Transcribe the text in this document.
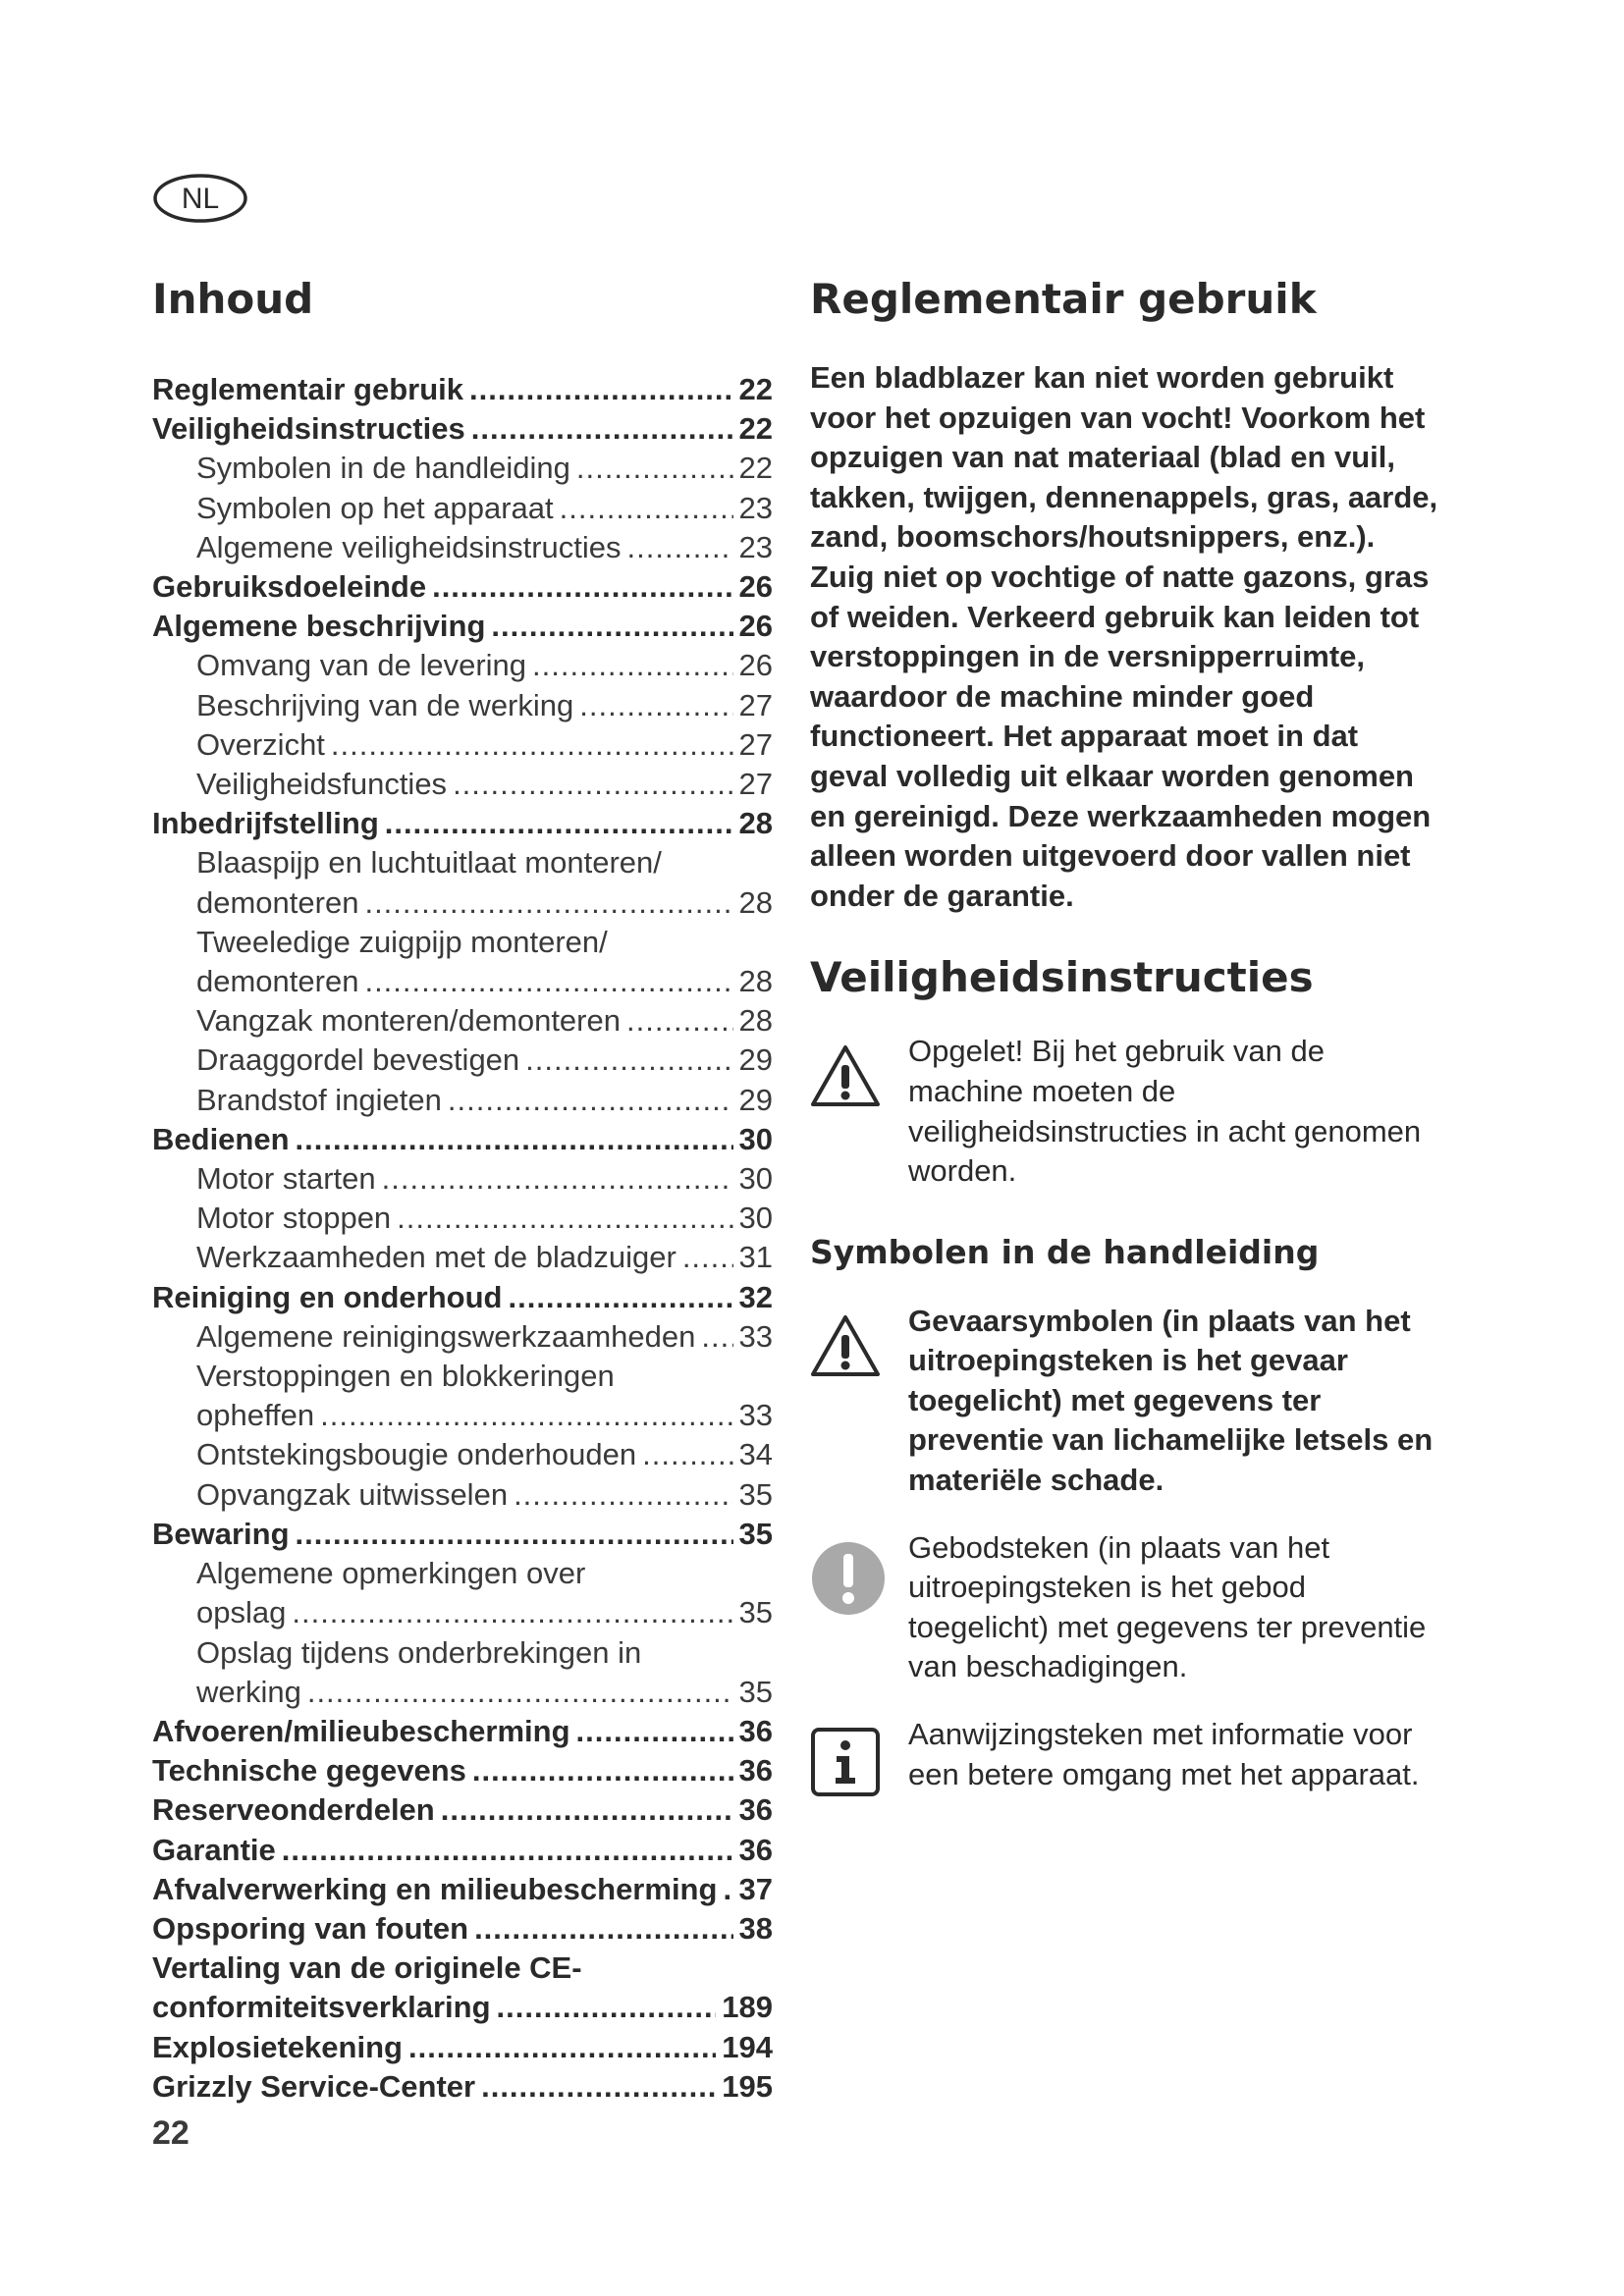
NL
Inhoud
Reglementair gebruik .....	22
Veiligheidsinstructies .....	22
Symbolen in de handleiding .....	22
Symbolen op het apparaat .....	23
Algemene veiligheidsinstructies .....	23
Gebruiksdoeleinde .....	26
Algemene beschrijving .....	26
Omvang van de levering .....	26
Beschrijving van de werking .....	27
Overzicht .....	27
Veiligheidsfuncties .....	27
Inbedrijfstelling .....	28
Blaaspijp en luchtuitlaat monteren/
demonteren .....	28
Tweeledige zuigpijp monteren/
demonteren .....	28
Vangzak monteren/demonteren .....	28
Draaggordel bevestigen .....	29
Brandstof ingieten .....	29
Bedienen .....	30
Motor starten .....	30
Motor stoppen .....	30
Werkzaamheden met de bladzuiger ..... 31
Reiniging en onderhoud .....	32
Algemene reinigingswerkzaamheden ..... 33
Verstoppingen en blokkeringen
opheffen .....	33
Ontstekingsbougie onderhouden .....	34
Opvangzak uitwisselen .....	35
Bewaring .....	35
Algemene opmerkingen over
opslag .....	35
Opslag tijdens onderbrekingen in
werking .....	35
Afvoeren/milieubescherming .....	36
Technische gegevens .....	36
Reserveonderdelen .....	36
Garantie .....	36
Afvalverwerking en milieubescherming ..... 37
Opsporing van fouten .....	38
Vertaling van de originele CE-
conformiteitsverklaring .....	189
Explosietekening .....	194
Grizzly Service-Center .....	195
22
Reglementair gebruik

Een bladblazer kan niet worden gebruikt voor het opzuigen van vocht! Voorkom het opzuigen van nat materiaal (blad en vuil, takken, twijgen, dennenappels, gras, aarde, zand, boomschors/houtsnippers, enz.). Zuig niet op vochtige of natte gazons, gras of weiden. Verkeerd gebruik kan leiden tot verstoppingen in de versnipperruimte, waardoor de machine minder goed functioneert. Het apparaat moet in dat geval volledig uit elkaar worden genomen en gereinigd. Deze werkzaamheden mogen alleen worden uitgevoerd door vallen niet onder de garantie.

Veiligheidsinstructies
Opgelet! Bij het gebruik van de machine moeten de veiligheidsinstructies in acht genomen worden.
Symbolen in de handleiding
Gevaarsymbolen (in plaats van het uitroepingsteken is het gevaar toegelicht) met gegevens ter preventie van lichamelijke letsels en materiële schade.
Gebodsteken (in plaats van het uitroepingsteken is het gebod toegelicht) met gegevens ter preventie van beschadigingen.
Aanwijzingsteken met informatie voor een betere omgang met het apparaat.
